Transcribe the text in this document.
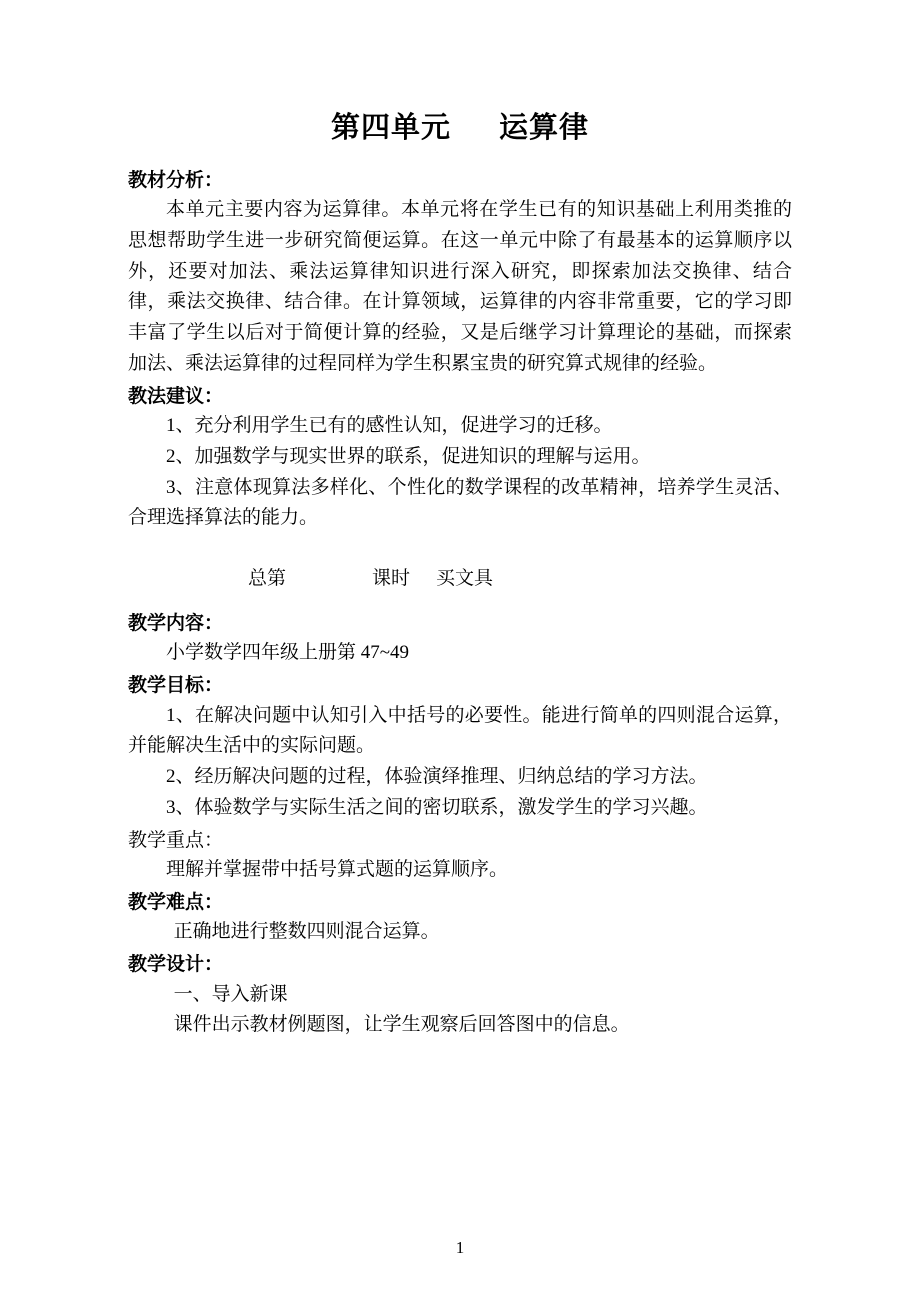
第四单元 运算律
教材分析：

本单元主要内容为运算律。本单元将在学生已有的知识基础上利用类推的思想帮助学生进一步研究简便运算。在这一单元中除了有最基本的运算顺序以外，还要对加法、乘法运算律知识进行深入研究，即探索加法交换律、结合律，乘法交换律、结合律。在计算领域，运算律的内容非常重要，它的学习即丰富了学生以后对于简便计算的经验，又是后继学习计算理论的基础，而探索加法、乘法运算律的过程同样为学生积累宝贵的研究算式规律的经验。

教法建议：

1、充分利用学生已有的感性认知，促进学习的迁移。

2、加强数学与现实世界的联系，促进知识的理解与运用。

3、注意体现算法多样化、个性化的数学课程的改革精神，培养学生灵活、合理选择算法的能力。

总第	课时 买文具
教学内容：

小学数学四年级上册第 47~49

教学目标：

1、在解决问题中认知引入中括号的必要性。能进行简单的四则混合运算，并能解决生活中的实际问题。

2、经历解决问题的过程，体验演绎推理、归纳总结的学习方法。

3、体验数学与实际生活之间的密切联系，激发学生的学习兴趣。

教学重点：

理解并掌握带中括号算式题的运算顺序。

教学难点：

正确地进行整数四则混合运算。

教学设计：

一、导入新课

课件出示教材例题图，让学生观察后回答图中的信息。

1
